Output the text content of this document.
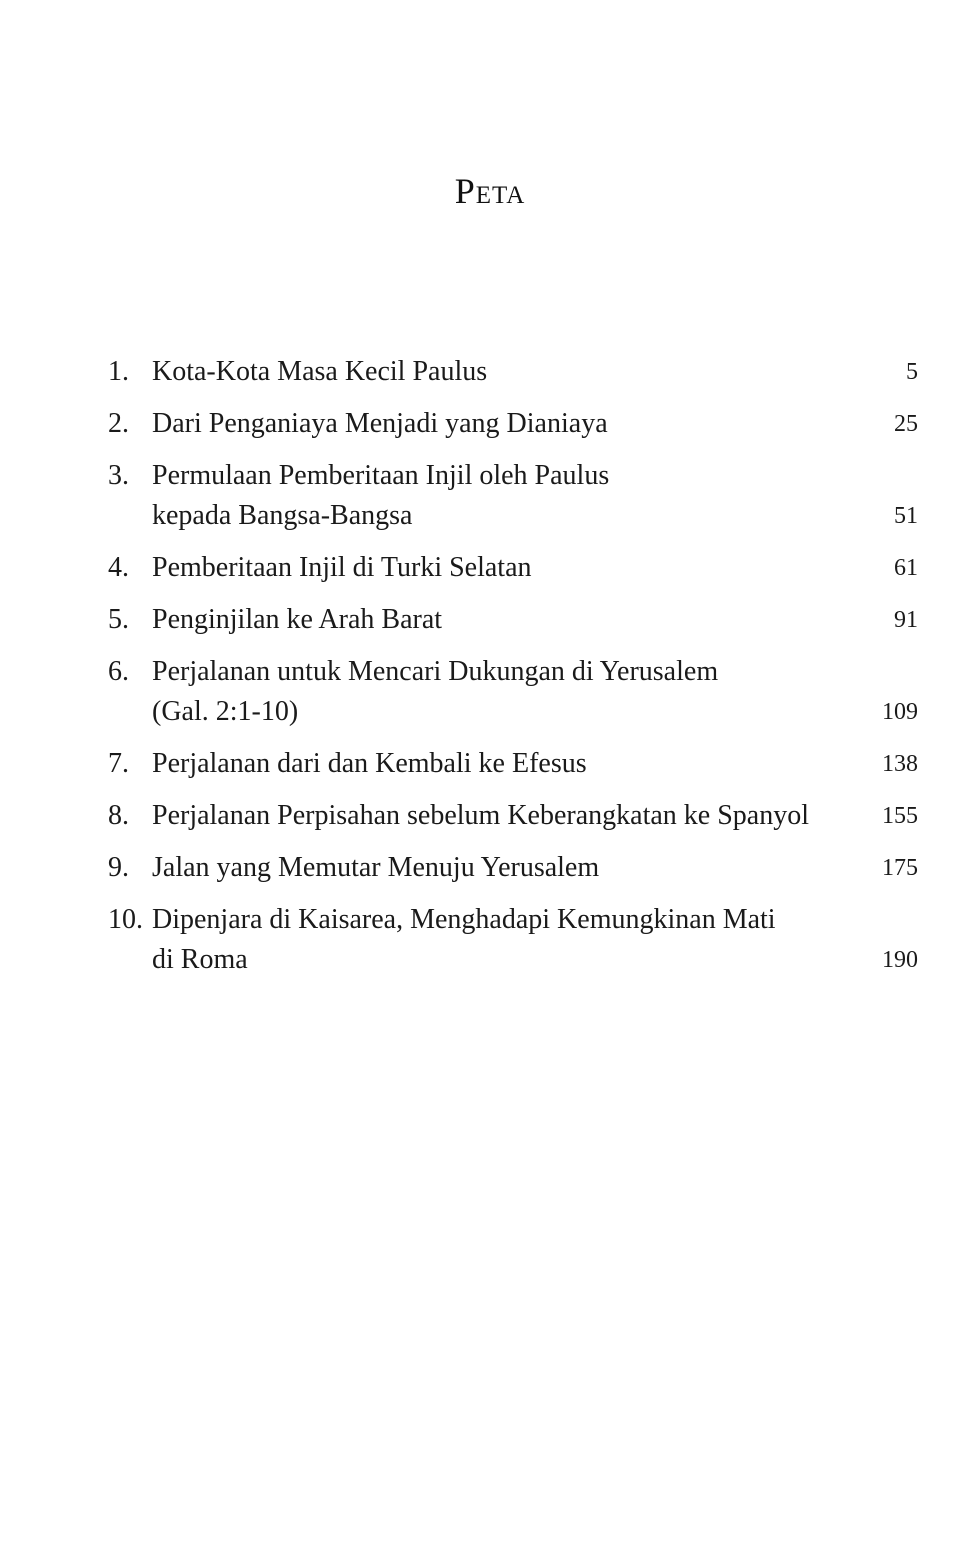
Peta
1. Kota-Kota Masa Kecil Paulus	5
2. Dari Penganiaya Menjadi yang Dianiaya	25
3. Permulaan Pemberitaan Injil oleh Paulus
kepada Bangsa-Bangsa	51
4. Pemberitaan Injil di Turki Selatan	61
5. Penginjilan ke Arah Barat	91
6. Perjalanan untuk Mencari Dukungan di Yerusalem
(Gal. 2:1-10)	109
7. Perjalanan dari dan Kembali ke Efesus	138
8. Perjalanan Perpisahan sebelum Keberangkatan ke Spanyol	155
9. Jalan yang Memutar Menuju Yerusalem	175
10. Dipenjara di Kaisarea, Menghadapi Kemungkinan Mati
di Roma	190
